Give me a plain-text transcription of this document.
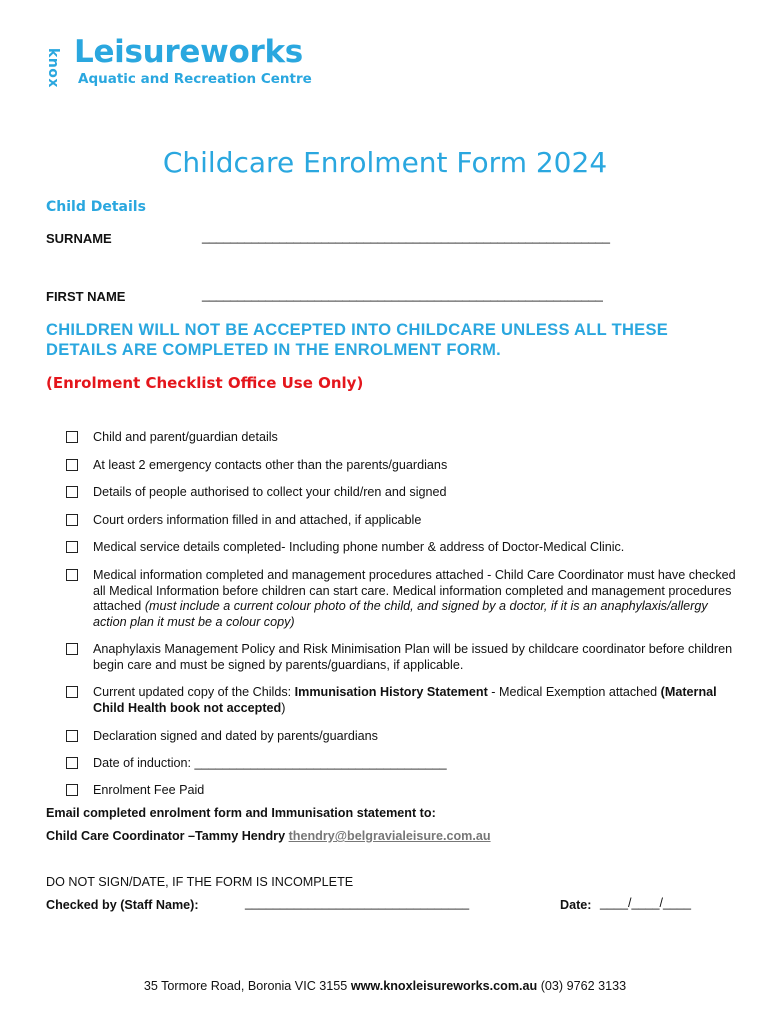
knox Leisureworks
Aquatic and Recreation Centre
Childcare Enrolment Form 2024
Child Details
SURNAME	__________________________________________________________
FIRST NAME	_________________________________________________________
CHILDREN WILL NOT BE ACCEPTED INTO CHILDCARE UNLESS ALL THESE DETAILS ARE COMPLETED IN THE ENROLMENT FORM.
(Enrolment Checklist Office Use Only)
Child and parent/guardian details
At least 2 emergency contacts other than the parents/guardians
Details of people authorised to collect your child/ren and signed
Court orders information filled in and attached, if applicable
Medical service details completed- Including phone number & address of Doctor-Medical Clinic.
Medical information completed and management procedures attached - Child Care Coordinator must have checked all Medical Information before children can start care. Medical information completed and management procedures attached (must include a current colour photo of the child, and signed by a doctor, if it is an anaphylaxis/allergy action plan it must be a colour copy)
Anaphylaxis Management Policy and Risk Minimisation Plan will be issued by childcare coordinator before children begin care and must be signed by parents/guardians, if applicable.
Current updated copy of the Childs: Immunisation History Statement - Medical Exemption attached (Maternal Child Health book not accepted)
Declaration signed and dated by parents/guardians
Date of induction: ____________________________________
Enrolment Fee Paid
Email completed enrolment form and Immunisation statement to:
Child Care Coordinator –Tammy Hendry thendry@belgravialeisure.com.au
DO NOT SIGN/DATE, IF THE FORM IS INCOMPLETE
Checked by (Staff Name):	________________________________	Date: ____/____/____
35 Tormore Road, Boronia VIC 3155 www.knoxleisureworks.com.au (03) 9762 3133
